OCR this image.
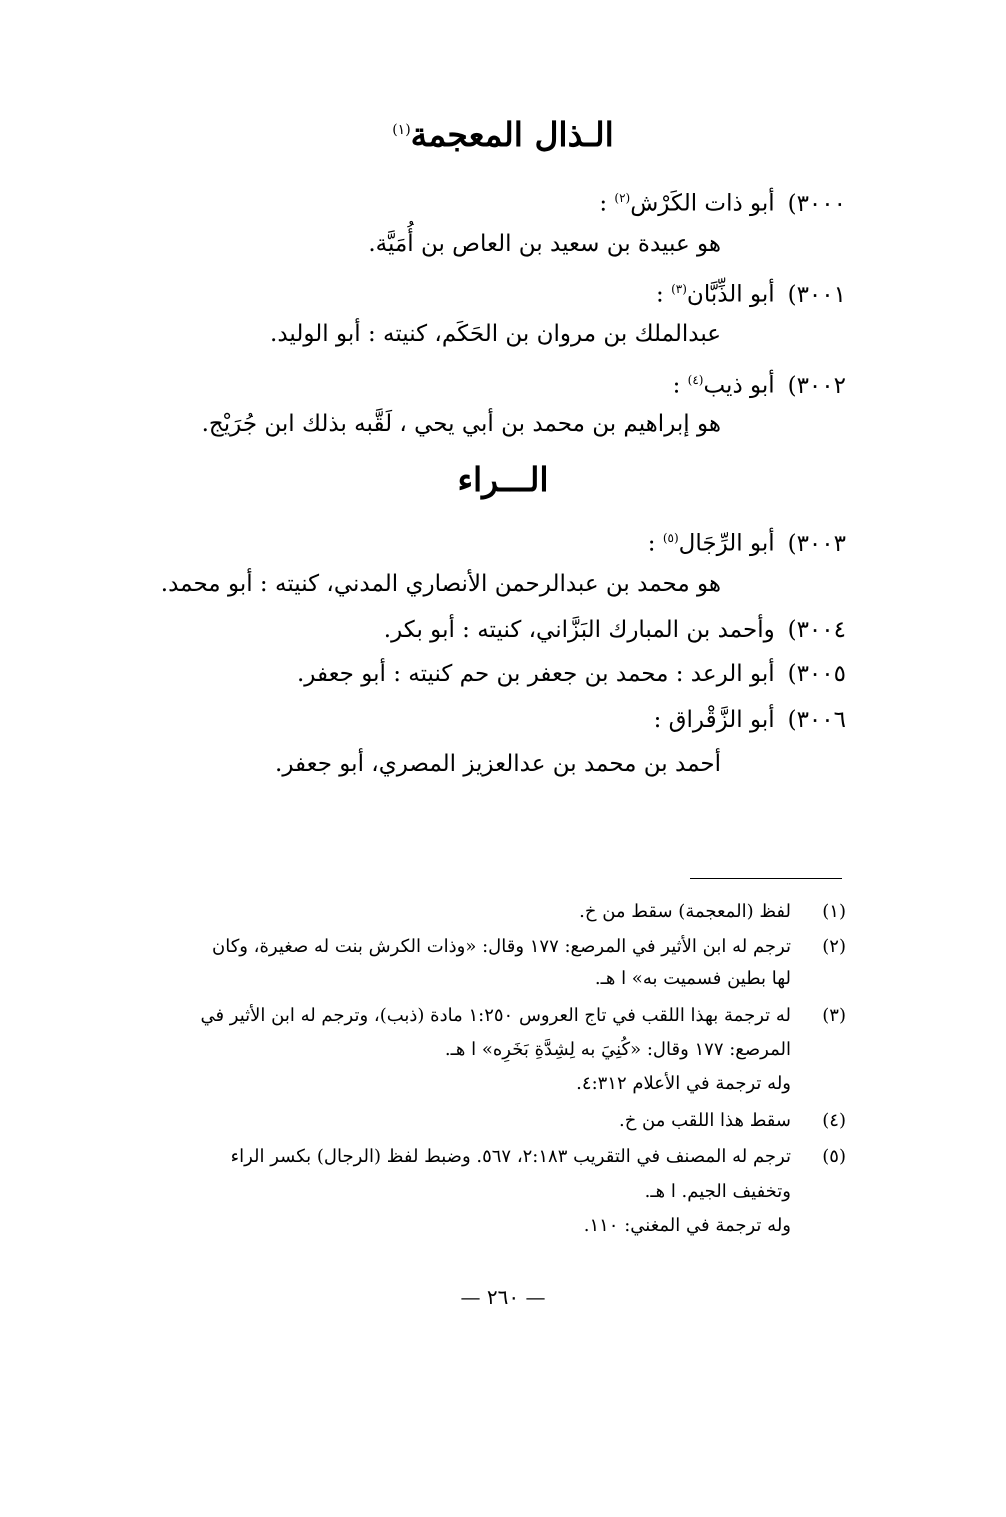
الـذال المعجمة$^{(١)}$
٣٠٠٠) أبو ذات الكَرْش$^{(٢)}$ :
هو عبيدة بن سعيد بن العاص بن أُمَيَّة.
٣٠٠١) أبو الذِّبَّان$^{(٣)}$ :
عبدالملك بن مروان بن الحَكَم، كنيته : أبو الوليد.
٣٠٠٢) أبو ذيب$^{(٤)}$ :
هو إبراهيم بن محمد بن أبي يحي ، لَقَّبه بذلك ابن جُرَيْج.
الـــراء
٣٠٠٣) أبو الرِّجَال$^{(٥)}$ :
هو محمد بن عبدالرحمن الأنصاري المدني، كنيته : أبو محمد.
٣٠٠٤) وأحمد بن المبارك البَزَّاني، كنيته : أبو بكر.
٣٠٠٥) أبو الرعد : محمد بن جعفر بن حم كنيته : أبو جعفر.
٣٠٠٦) أبو الزَّقْراق :
أحمد بن محمد بن عدالعزيز المصري، أبو جعفر.
(١)
لفظ (المعجمة) سقط من خ.
(٢)
ترجم له ابن الأثير في المرصع: ١٧٧ وقال: «وذات الكرش بنت له صغيرة، وكان
لها بطين فسميت به» ا هـ.
(٣)
له ترجمة بهذا اللقب في تاج العروس ١:٢٥٠ مادة (ذبب)، وترجم له ابن الأثير في
المرصع: ١٧٧ وقال: «كُنِيَ به لِشِدَّةِ بَخَرِه» ا هـ.
وله ترجمة في الأعلام ٤:٣١٢.
(٤)
سقط هذا اللقب من خ.
(٥)
ترجم له المصنف في التقريب ٢:١٨٣، ٥٦٧. وضبط لفظ (الرجال) بكسر الراء
وتخفيف الجيم. ا هـ.
وله ترجمة في المغني: ١١٠.
— ٢٦٠ —
